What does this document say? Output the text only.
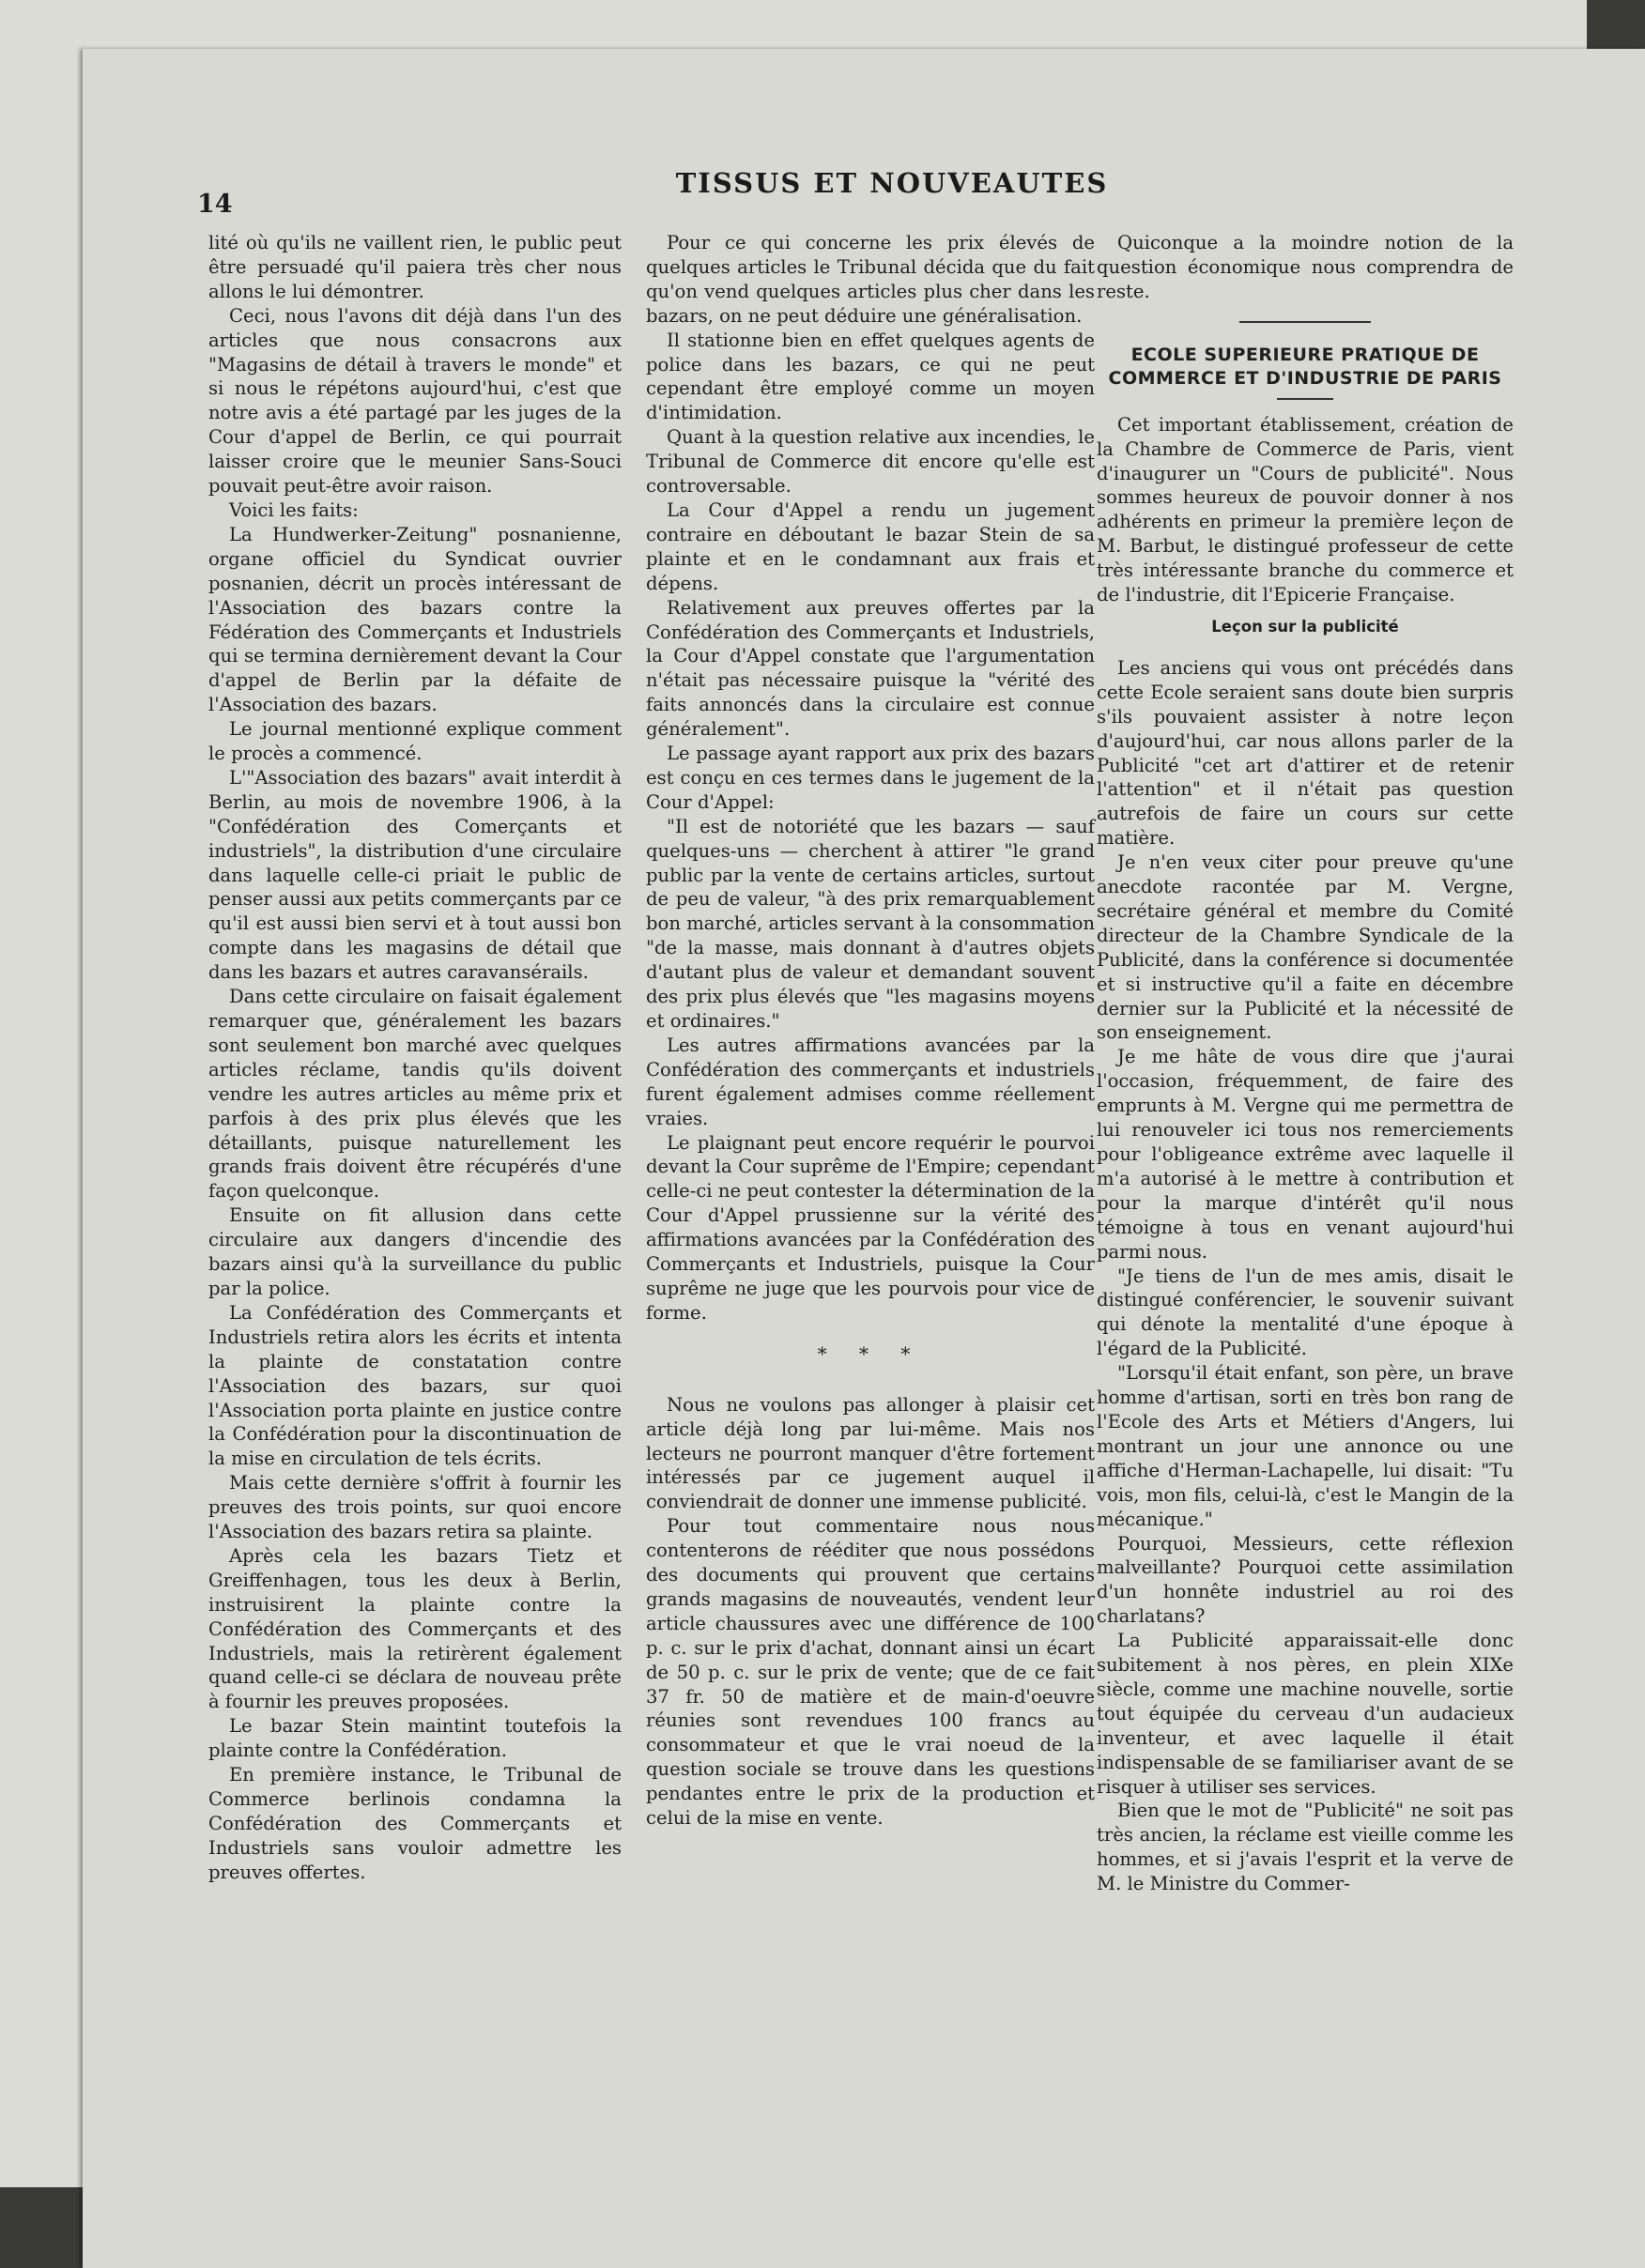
14
TISSUS ET NOUVEAUTES

lité où qu'ils ne vaillent rien, le public peut être persuadé qu'il paiera très cher nous allons le lui démontrer.

Ceci, nous l'avons dit déjà dans l'un des articles que nous consacrons aux "Magasins de détail à travers le monde" et si nous le répétons aujourd'hui, c'est que notre avis a été partagé par les juges de la Cour d'appel de Berlin, ce qui pourrait laisser croire que le meunier Sans-Souci pouvait peut-être avoir raison.

Voici les faits:

La Hundwerker-Zeitung" posnanienne, organe officiel du Syndicat ouvrier posnanien, décrit un procès intéressant de l'Association des bazars contre la Fédération des Commerçants et Industriels qui se termina dernièrement devant la Cour d'appel de Berlin par la défaite de l'Association des bazars.

Le journal mentionné explique comment le procès a commencé.

L'"Association des bazars" avait interdit à Berlin, au mois de novembre 1906, à la "Confédération des Comerçants et industriels", la distribution d'une circulaire dans laquelle celle-ci priait le public de penser aussi aux petits commerçants par ce qu'il est aussi bien servi et à tout aussi bon compte dans les magasins de détail que dans les bazars et autres caravansérails.

Dans cette circulaire on faisait également remarquer que, généralement les bazars sont seulement bon marché avec quelques articles réclame, tandis qu'ils doivent vendre les autres articles au même prix et parfois à des prix plus élevés que les détaillants, puisque naturellement les grands frais doivent être récupérés d'une façon quelconque.

Ensuite on fit allusion dans cette circulaire aux dangers d'incendie des bazars ainsi qu'à la surveillance du public par la police.

La Confédération des Commerçants et Industriels retira alors les écrits et intenta la plainte de constatation contre l'Association des bazars, sur quoi l'Association porta plainte en justice contre la Confédération pour la discontinuation de la mise en circulation de tels écrits.

Mais cette dernière s'offrit à fournir les preuves des trois points, sur quoi encore l'Association des bazars retira sa plainte.

Après cela les bazars Tietz et Greiffenhagen, tous les deux à Berlin, instruisirent la plainte contre la Confédération des Commerçants et des Industriels, mais la retirèrent également quand celle-ci se déclara de nouveau prête à fournir les preuves proposées.

Le bazar Stein maintint toutefois la plainte contre la Confédération.

En première instance, le Tribunal de Commerce berlinois condamna la Confédération des Commerçants et Industriels sans vouloir admettre les preuves offertes.

Pour ce qui concerne les prix élevés de quelques articles le Tribunal décida que du fait qu'on vend quelques articles plus cher dans les bazars, on ne peut déduire une généralisation.

Il stationne bien en effet quelques agents de police dans les bazars, ce qui ne peut cependant être employé comme un moyen d'intimidation.

Quant à la question relative aux incendies, le Tribunal de Commerce dit encore qu'elle est controversable.

La Cour d'Appel a rendu un jugement contraire en déboutant le bazar Stein de sa plainte et en le condamnant aux frais et dépens.

Relativement aux preuves offertes par la Confédération des Commerçants et Industriels, la Cour d'Appel constate que l'argumentation n'était pas nécessaire puisque la "vérité des faits annoncés dans la circulaire est connue généralement".

Le passage ayant rapport aux prix des bazars est conçu en ces termes dans le jugement de la Cour d'Appel:

"Il est de notoriété que les bazars — sauf quelques-uns — cherchent à attirer "le grand public par la vente de certains articles, surtout de peu de valeur, "à des prix remarquablement bon marché, articles servant à la consommation "de la masse, mais donnant à d'autres objets d'autant plus de valeur et demandant souvent des prix plus élevés que "les magasins moyens et ordinaires."

Les autres affirmations avancées par la Confédération des commerçants et industriels furent également admises comme réellement vraies.

Le plaignant peut encore requérir le pourvoi devant la Cour suprême de l'Empire; cependant celle-ci ne peut contester la détermination de la Cour d'Appel prussienne sur la vérité des affirmations avancées par la Confédération des Commerçants et Industriels, puisque la Cour suprême ne juge que les pourvois pour vice de forme.

* * *

Nous ne voulons pas allonger à plaisir cet article déjà long par lui-même. Mais nos lecteurs ne pourront manquer d'être fortement intéressés par ce jugement auquel il conviendrait de donner une immense publicité.

Pour tout commentaire nous nous contenterons de rééditer que nous possédons des documents qui prouvent que certains grands magasins de nouveautés, vendent leur article chaussures avec une différence de 100 p. c. sur le prix d'achat, donnant ainsi un écart de 50 p. c. sur le prix de vente; que de ce fait 37 fr. 50 de matière et de main-d'oeuvre réunies sont revendues 100 francs au consommateur et que le vrai noeud de la question sociale se trouve dans les questions pendantes entre le prix de la production et celui de la mise en vente.

Quiconque a la moindre notion de la question économique nous comprendra de reste.

ECOLE SUPERIEURE PRATIQUE DE COMMERCE ET D'INDUSTRIE DE PARIS

Cet important établissement, création de la Chambre de Commerce de Paris, vient d'inaugurer un "Cours de publicité". Nous sommes heureux de pouvoir donner à nos adhérents en primeur la première leçon de M. Barbut, le distingué professeur de cette très intéressante branche du commerce et de l'industrie, dit l'Epicerie Française.

Leçon sur la publicité

Les anciens qui vous ont précédés dans cette Ecole seraient sans doute bien surpris s'ils pouvaient assister à notre leçon d'aujourd'hui, car nous allons parler de la Publicité "cet art d'attirer et de retenir l'attention" et il n'était pas question autrefois de faire un cours sur cette matière.

Je n'en veux citer pour preuve qu'une anecdote racontée par M. Vergne, secrétaire général et membre du Comité directeur de la Chambre Syndicale de la Publicité, dans la conférence si documentée et si instructive qu'il a faite en décembre dernier sur la Publicité et la nécessité de son enseignement.

Je me hâte de vous dire que j'aurai l'occasion, fréquemment, de faire des emprunts à M. Vergne qui me permettra de lui renouveler ici tous nos remerciements pour l'obligeance extrême avec laquelle il m'a autorisé à le mettre à contribution et pour la marque d'intérêt qu'il nous témoigne à tous en venant aujourd'hui parmi nous.

"Je tiens de l'un de mes amis, disait le distingué conférencier, le souvenir suivant qui dénote la mentalité d'une époque à l'égard de la Publicité.

"Lorsqu'il était enfant, son père, un brave homme d'artisan, sorti en très bon rang de l'Ecole des Arts et Métiers d'Angers, lui montrant un jour une annonce ou une affiche d'Herman-Lachapelle, lui disait: "Tu vois, mon fils, celui-là, c'est le Mangin de la mécanique."

Pourquoi, Messieurs, cette réflexion malveillante? Pourquoi cette assimilation d'un honnête industriel au roi des charlatans?

La Publicité apparaissait-elle donc subitement à nos pères, en plein XIXe siècle, comme une machine nouvelle, sortie tout équipée du cerveau d'un audacieux inventeur, et avec laquelle il était indispensable de se familiariser avant de se risquer à utiliser ses services.

Bien que le mot de "Publicité" ne soit pas très ancien, la réclame est vieille comme les hommes, et si j'avais l'esprit et la verve de M. le Ministre du Commer-
